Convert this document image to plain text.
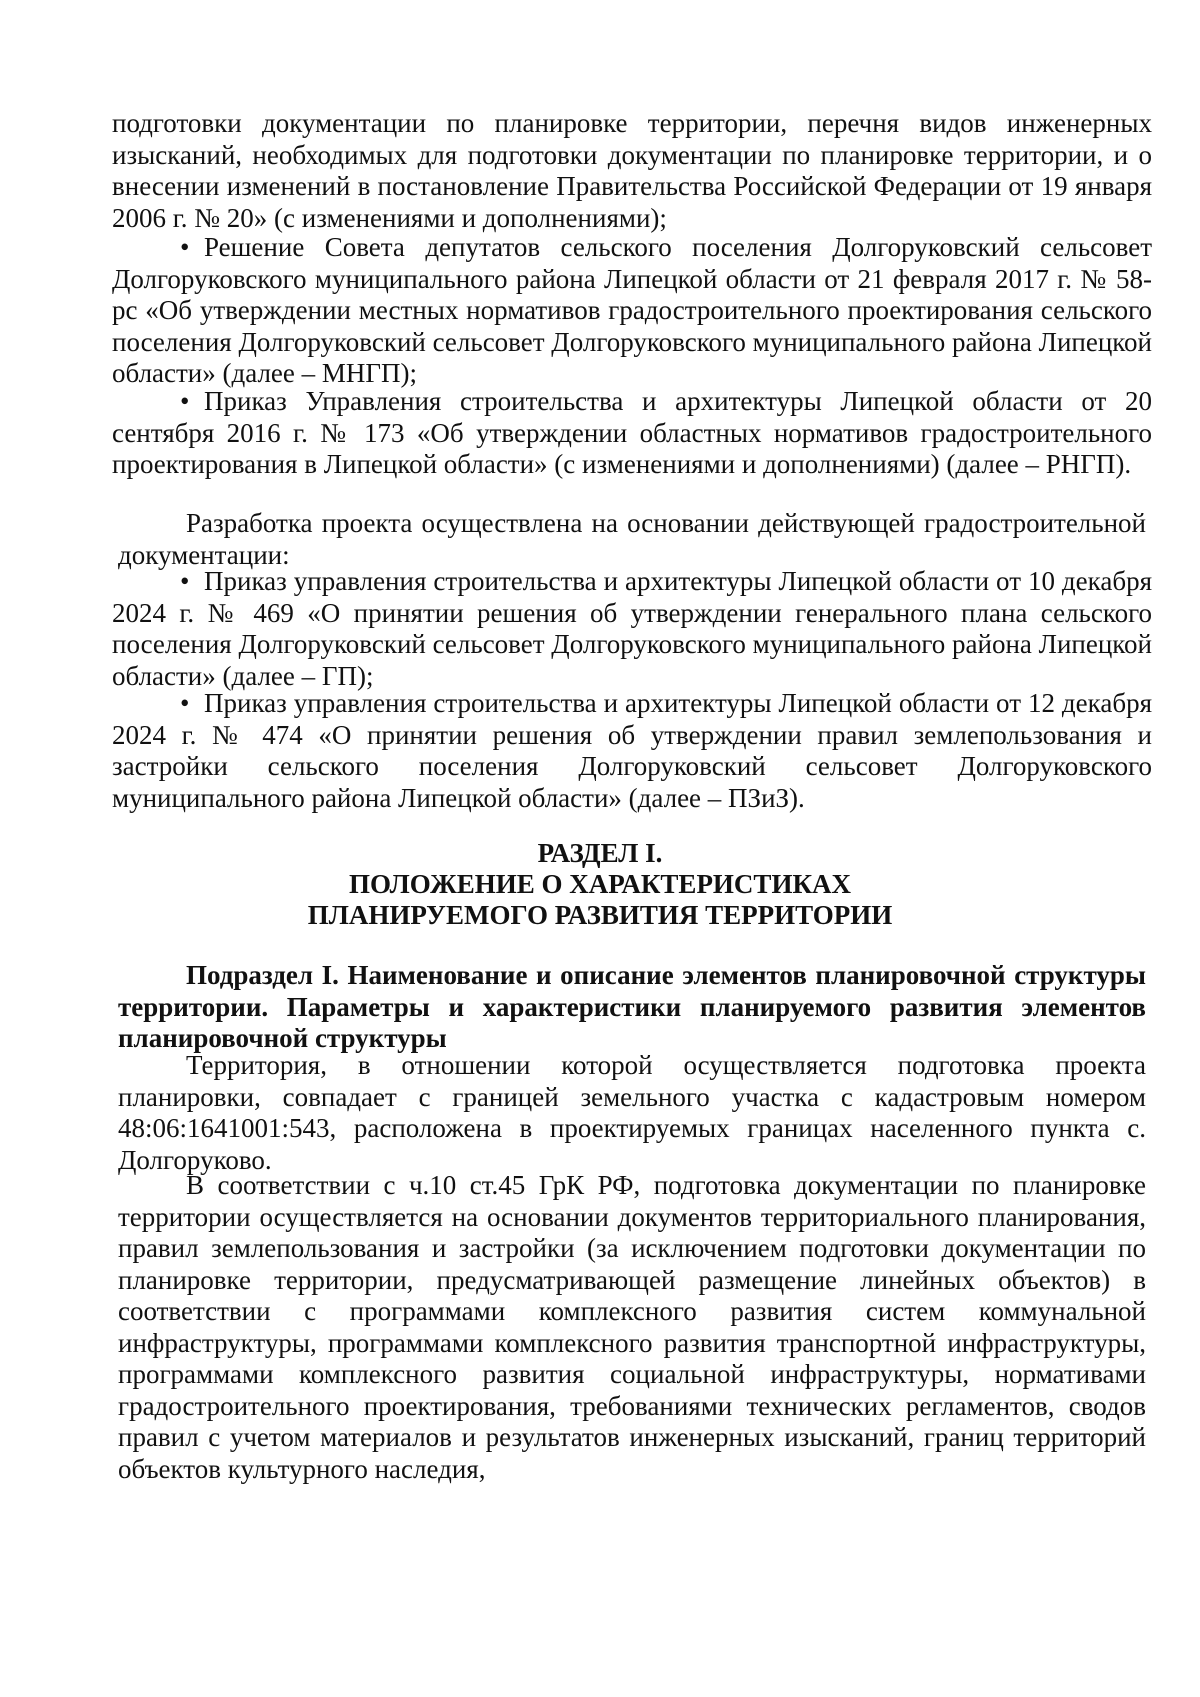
подготовки документации по планировке территории, перечня видов инженерных изысканий, необходимых для подготовки документации по планировке территории, и о внесении изменений в постановление Правительства Российской Федерации от 19 января 2006 г. № 20» (с изменениями и дополнениями);

• Решение Совета депутатов сельского поселения Долгоруковский сельсовет Долгоруковского муниципального района Липецкой области от 21 февраля 2017 г. № 58-рс «Об утверждении местных нормативов градостроительного проектирования сельского поселения Долгоруковский сельсовет Долгоруковского муниципального района Липецкой области» (далее – МНГП);

• Приказ Управления строительства и архитектуры Липецкой области от 20 сентября 2016 г. № 173 «Об утверждении областных нормативов градостроительного проектирования в Липецкой области» (с изменениями и дополнениями) (далее – РНГП).

Разработка проекта осуществлена на основании действующей градостроительной документации:

• Приказ управления строительства и архитектуры Липецкой области от 10 декабря 2024 г. № 469 «О принятии решения об утверждении генерального плана сельского поселения Долгоруковский сельсовет Долгоруковского муниципального района Липецкой области» (далее – ГП);

• Приказ управления строительства и архитектуры Липецкой области от 12 декабря 2024 г. № 474 «О принятии решения об утверждении правил землепользования и застройки сельского поселения Долгоруковский сельсовет Долгоруковского муниципального района Липецкой области» (далее – ПЗиЗ).

РАЗДЕЛ I.

ПОЛОЖЕНИЕ О ХАРАКТЕРИСТИКАХ

ПЛАНИРУЕМОГО РАЗВИТИЯ ТЕРРИТОРИИ

Подраздел I. Наименование и описание элементов планировочной структуры территории. Параметры и характеристики планируемого развития элементов планировочной структуры

Территория, в отношении которой осуществляется подготовка проекта планировки, совпадает с границей земельного участка с кадастровым номером 48:06:1641001:543, расположена в проектируемых границах населенного пункта с. Долгоруково.

В соответствии с ч.10 ст.45 ГрК РФ, подготовка документации по планировке территории осуществляется на основании документов территориального планирования, правил землепользования и застройки (за исключением подготовки документации по планировке территории, предусматривающей размещение линейных объектов) в соответствии с программами комплексного развития систем коммунальной инфраструктуры, программами комплексного развития транспортной инфраструктуры, программами комплексного развития социальной инфраструктуры, нормативами градостроительного проектирования, требованиями технических регламентов, сводов правил с учетом материалов и результатов инженерных изысканий, границ территорий объектов культурного наследия,
